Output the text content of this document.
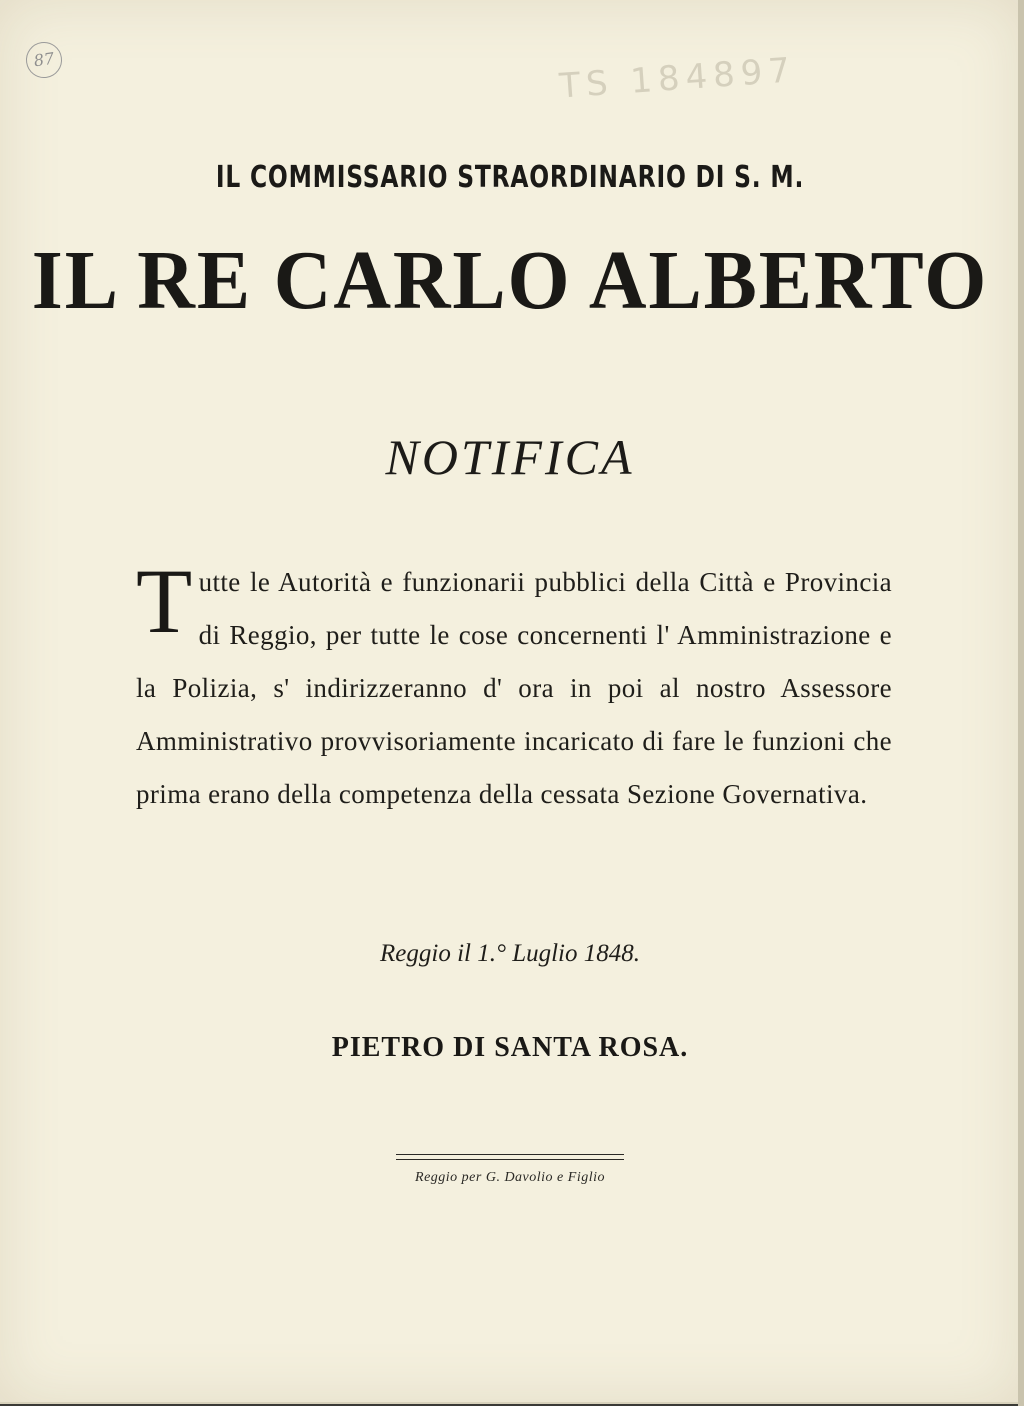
87	TS 184897
IL COMMISSARIO STRAORDINARIO DI S. M.
IL RE CARLO ALBERTO
NOTIFICA
Tutte le Autorità e funzionarii pubblici della Città e Provincia di Reggio, per tutte le cose concernenti l' Amministrazione e la Polizia, s' indirizzeranno d' ora in poi al nostro Assessore Amministrativo provvisoriamente incaricato di fare le funzioni che prima erano della competenza della cessata Sezione Governativa.
Reggio il 1.° Luglio 1848.
PIETRO DI SANTA ROSA.
Reggio per G. Davolio e Figlio
